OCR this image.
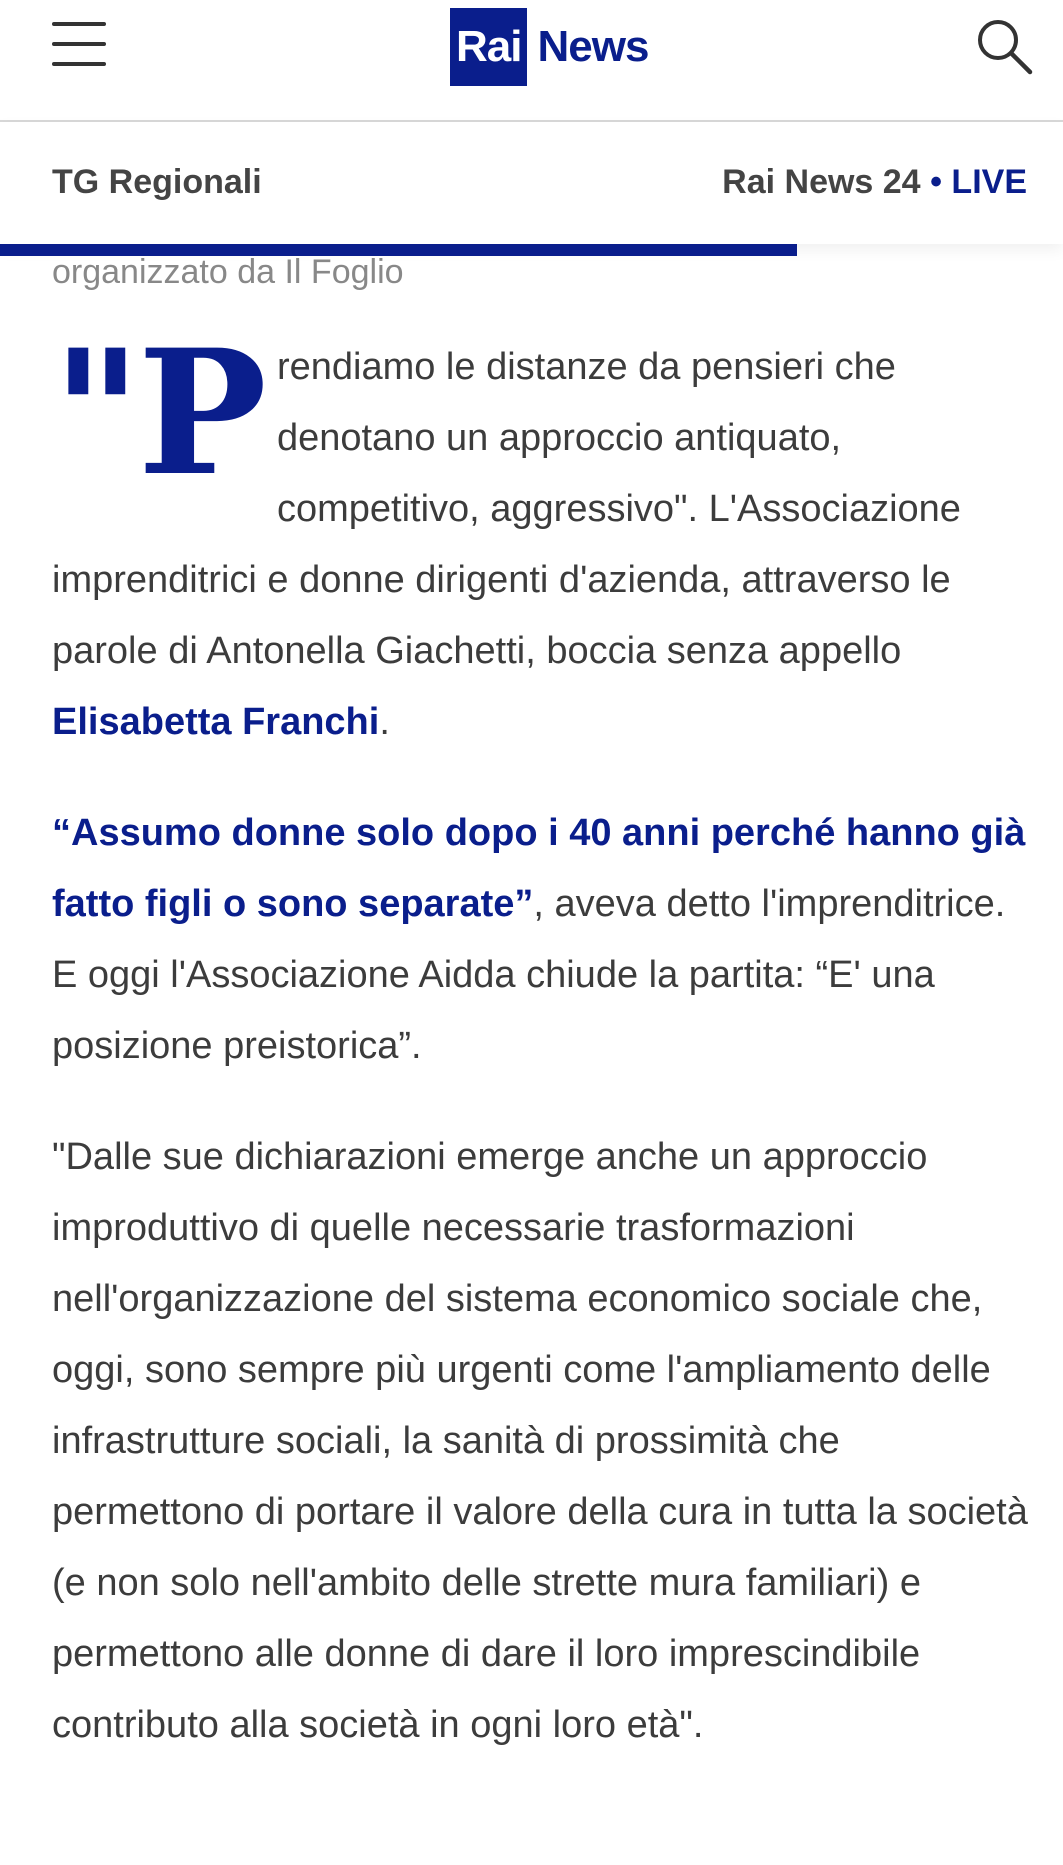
Rai News
TG Regionali	Rai News 24 • LIVE

organizzato da Il Foglio

"Prendiamo le distanze da pensieri che denotano un approccio antiquato, competitivo, aggressivo". L'Associazione imprenditrici e donne dirigenti d'azienda, attraverso le parole di Antonella Giachetti, boccia senza appello Elisabetta Franchi.

“Assumo donne solo dopo i 40 anni perché hanno già fatto figli o sono separate”, aveva detto l'imprenditrice. E oggi l'Associazione Aidda chiude la partita: “E' una posizione preistorica”.

"Dalle sue dichiarazioni emerge anche un approccio improduttivo di quelle necessarie trasformazioni nell'organizzazione del sistema economico sociale che, oggi, sono sempre più urgenti come l'ampliamento delle infrastrutture sociali, la sanità di prossimità che permettono di portare il valore della cura in tutta la società (e non solo nell'ambito delle strette mura familiari) e permettono alle donne di dare il loro imprescindibile contributo alla società in ogni loro età".
